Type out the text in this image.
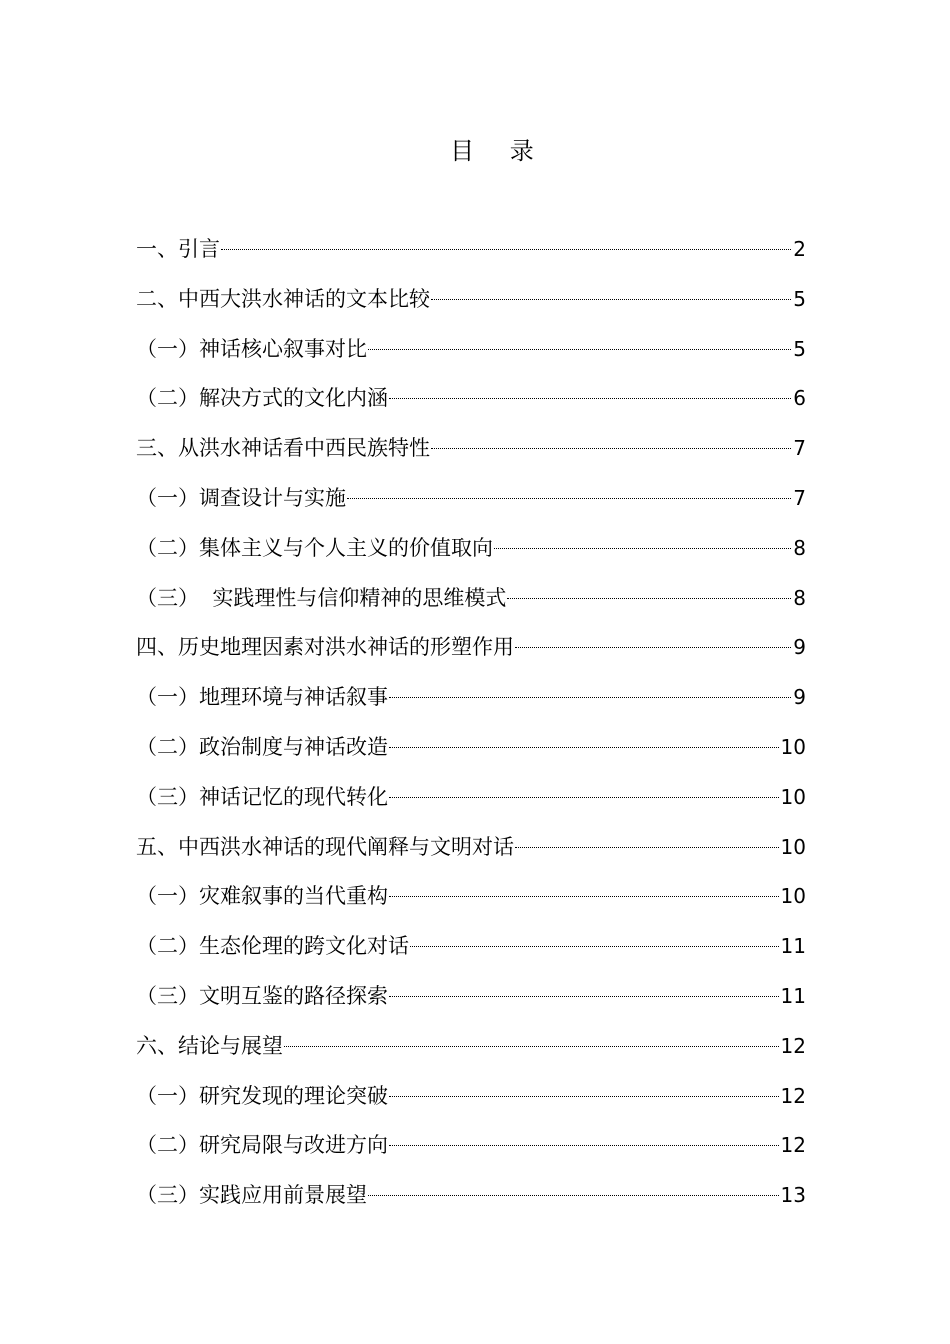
目 录
一、引言	2
二、中西大洪水神话的文本比较	5
（一）神话核心叙事对比	5
（二）解决方式的文化内涵	6
三、从洪水神话看中西民族特性	7
（一）调查设计与实施	7
（二）集体主义与个人主义的价值取向	8
（三）  实践理性与信仰精神的思维模式	8
四、历史地理因素对洪水神话的形塑作用	9
（一）地理环境与神话叙事	9
（二）政治制度与神话改造	10
（三）神话记忆的现代转化	10
五、中西洪水神话的现代阐释与文明对话	10
（一）灾难叙事的当代重构	10
（二）生态伦理的跨文化对话	11
（三）文明互鉴的路径探索	11
六、结论与展望	12
（一）研究发现的理论突破	12
（二）研究局限与改进方向	12
（三）实践应用前景展望	13
